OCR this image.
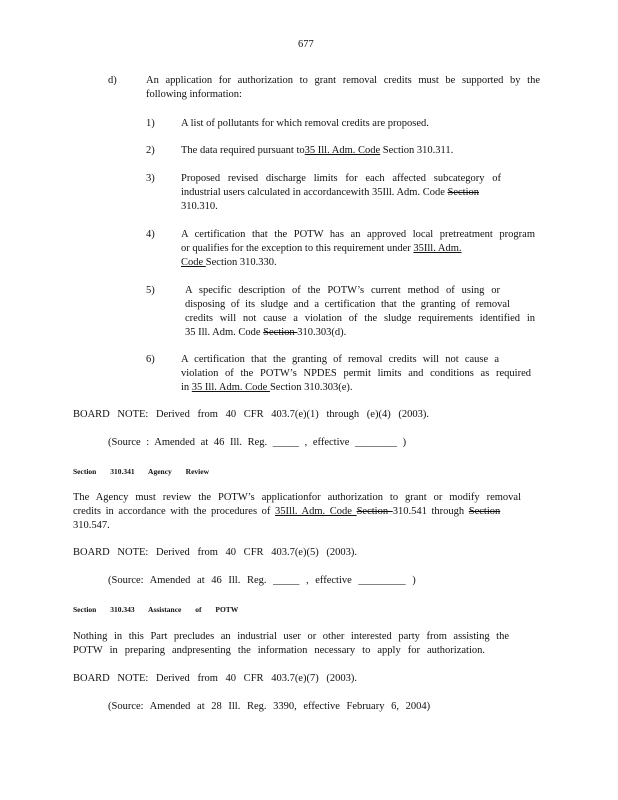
677
d)	An application for authorization to grant removal credits must be supported by the
following information:
1)	A list of pollutants for which removal credits are proposed.
2)	The data required pursuant to35 Ill. Adm. Code Section 310.311.
3)	Proposed revised discharge limits for each affected subcategory of
industrial users calculated in accordancewith 35Ill. Adm. Code Section
310.310.
4)	A certification that the POTW has an approved local pretreatment program
or qualifies for the exception to this requirement under 35Ill. Adm.
Code Section 310.330.
5)	A specific description of the POTW’s current method of using or
disposing of its sludge and a certification that the granting of removal
credits will not cause a violation of the sludge requirements identified in
35 Ill. Adm. Code Section 310.303(d).
6)	A certification that the granting of removal credits will not cause a
violation of the POTW’s NPDES permit limits and conditions as required
in 35 Ill. Adm. Code Section 310.303(e).
BOARD NOTE: Derived from 40 CFR 403.7(e)(1) through (e)(4) (2003).
(Source : Amended at 46 Ill. Reg. _____ , effective ________ )
Section 310.341 Agency Review
The Agency must review the POTW’s applicationfor authorization to grant or modify removal
credits in accordance with the procedures of 35Ill. Adm. Code Section 310.541 through Section
310.547.
BOARD NOTE: Derived from 40 CFR 403.7(e)(5) (2003).
(Source: Amended at 46 Ill. Reg. _____ , effective _________ )
Section 310.343 Assistance of POTW
Nothing in this Part precludes an industrial user or other interested party from assisting the
POTW in preparing andpresenting the information necessary to apply for authorization.
BOARD NOTE: Derived from 40 CFR 403.7(e)(7) (2003).
(Source: Amended at 28 Ill. Reg. 3390, effective February 6, 2004)
